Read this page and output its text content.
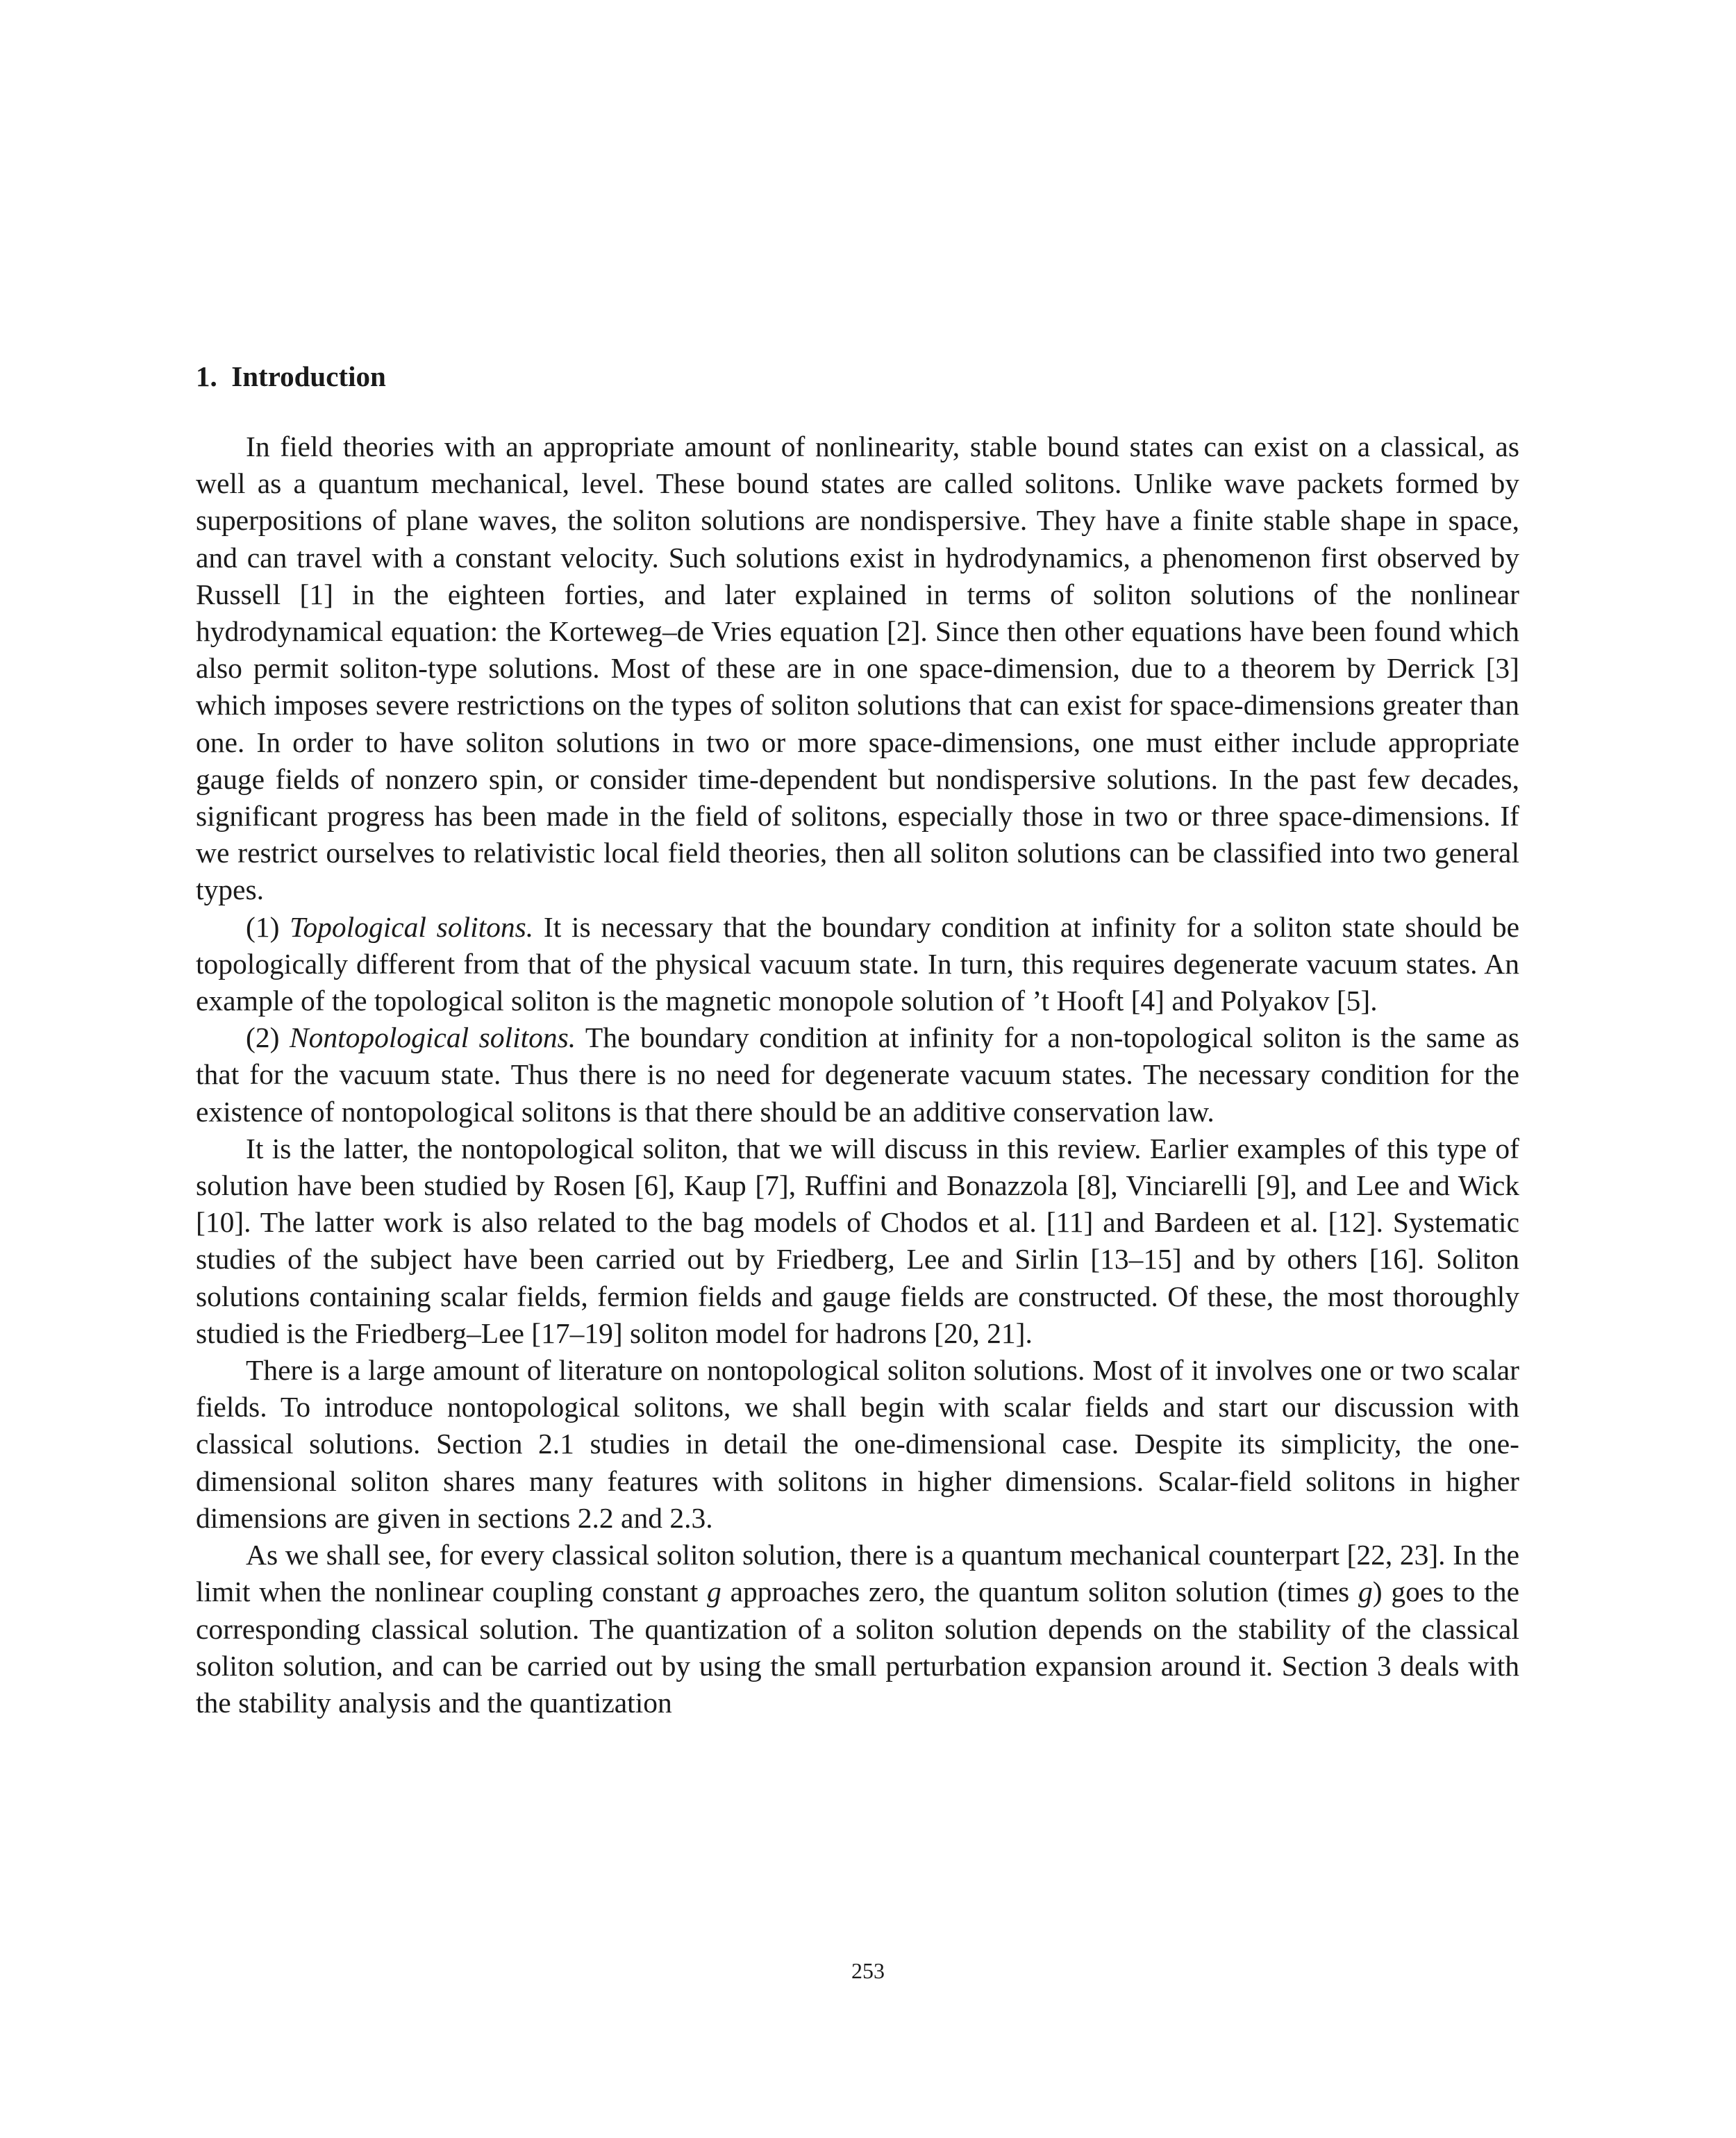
1. Introduction

In field theories with an appropriate amount of nonlinearity, stable bound states can exist on a classical, as well as a quantum mechanical, level. These bound states are called solitons. Unlike wave packets formed by superpositions of plane waves, the soliton solutions are nondispersive. They have a finite stable shape in space, and can travel with a constant velocity. Such solutions exist in hydrodynamics, a phenomenon first observed by Russell [1] in the eighteen forties, and later explained in terms of soliton solutions of the nonlinear hydrodynamical equation: the Korteweg–de Vries equation [2]. Since then other equations have been found which also permit soliton-type solutions. Most of these are in one space-dimension, due to a theorem by Derrick [3] which imposes severe restrictions on the types of soliton solutions that can exist for space-dimensions greater than one. In order to have soliton solutions in two or more space-dimensions, one must either include appropriate gauge fields of nonzero spin, or consider time-dependent but nondispersive solutions. In the past few decades, significant progress has been made in the field of solitons, especially those in two or three space-dimensions. If we restrict ourselves to relativistic local field theories, then all soliton solutions can be classified into two general types.

(1) Topological solitons. It is necessary that the boundary condition at infinity for a soliton state should be topologically different from that of the physical vacuum state. In turn, this requires degenerate vacuum states. An example of the topological soliton is the magnetic monopole solution of ’t Hooft [4] and Polyakov [5].

(2) Nontopological solitons. The boundary condition at infinity for a non-topological soliton is the same as that for the vacuum state. Thus there is no need for degenerate vacuum states. The necessary condition for the existence of nontopological solitons is that there should be an additive conservation law.

It is the latter, the nontopological soliton, that we will discuss in this review. Earlier examples of this type of solution have been studied by Rosen [6], Kaup [7], Ruffini and Bonazzola [8], Vinciarelli [9], and Lee and Wick [10]. The latter work is also related to the bag models of Chodos et al. [11] and Bardeen et al. [12]. Systematic studies of the subject have been carried out by Friedberg, Lee and Sirlin [13–15] and by others [16]. Soliton solutions containing scalar fields, fermion fields and gauge fields are constructed. Of these, the most thoroughly studied is the Friedberg–Lee [17–19] soliton model for hadrons [20, 21].

There is a large amount of literature on nontopological soliton solutions. Most of it involves one or two scalar fields. To introduce nontopological solitons, we shall begin with scalar fields and start our discussion with classical solutions. Section 2.1 studies in detail the one-dimensional case. Despite its simplicity, the one-dimensional soliton shares many features with solitons in higher dimensions. Scalar-field solitons in higher dimensions are given in sections 2.2 and 2.3.

As we shall see, for every classical soliton solution, there is a quantum mechanical counterpart [22, 23]. In the limit when the nonlinear coupling constant g approaches zero, the quantum soliton solution (times g) goes to the corresponding classical solution. The quantization of a soliton solution depends on the stability of the classical soliton solution, and can be carried out by using the small perturbation expansion around it. Section 3 deals with the stability analysis and the quantization

253
